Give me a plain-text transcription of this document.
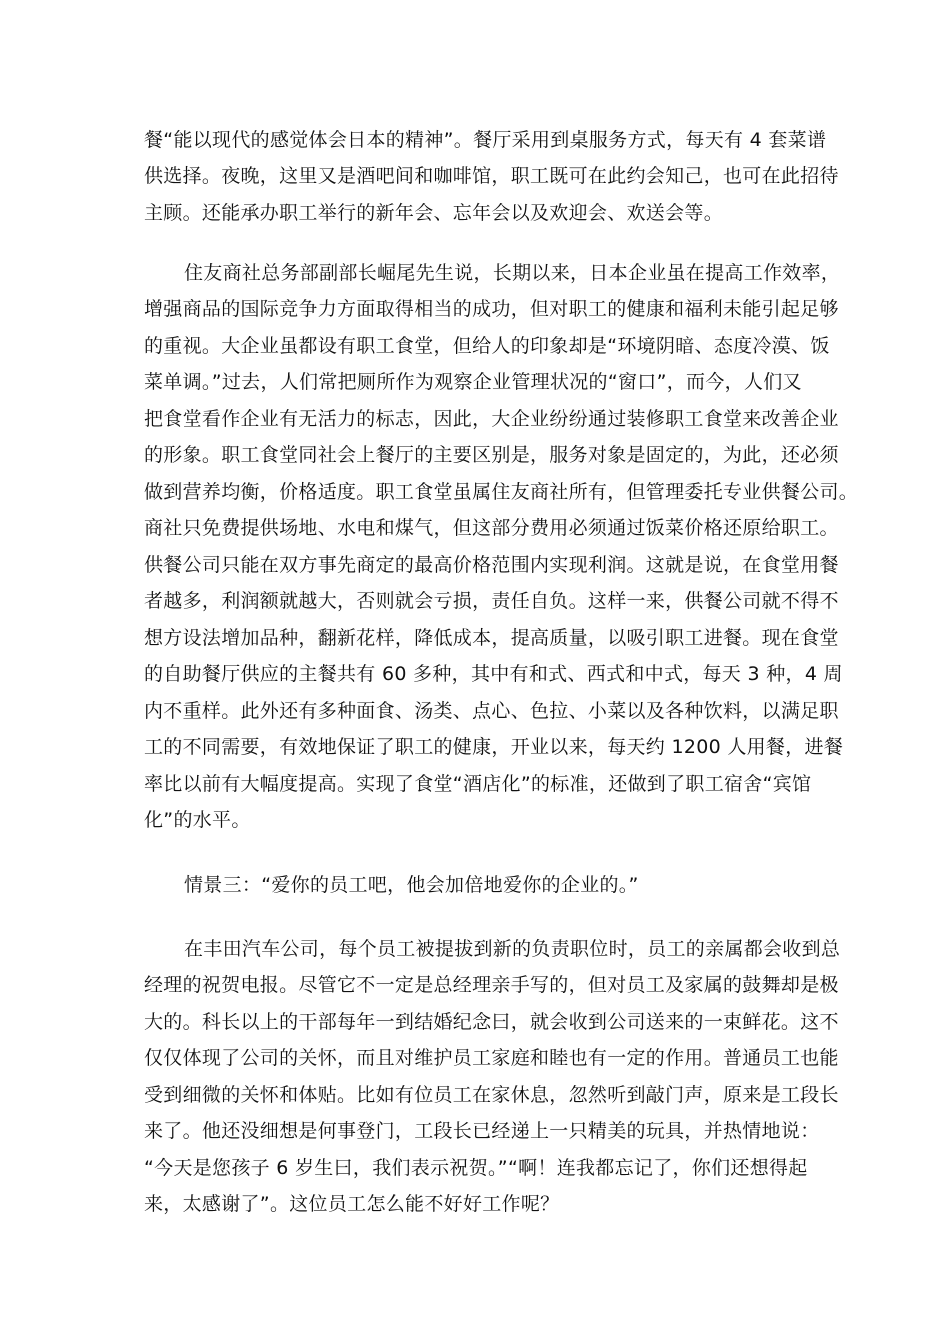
餐“能以现代的感觉体会日本的精神”。餐厅采用到桌服务方式，每天有 4 套菜谱
供选择。夜晚，这里又是酒吧间和咖啡馆，职工既可在此约会知己，也可在此招待
主顾。还能承办职工举行的新年会、忘年会以及欢迎会、欢送会等。
住友商社总务部副部长崛尾先生说，长期以来，日本企业虽在提高工作效率，
增强商品的国际竞争力方面取得相当的成功，但对职工的健康和福利未能引起足够
的重视。大企业虽都设有职工食堂，但给人的印象却是“环境阴暗、态度冷漠、饭
菜单调。”过去，人们常把厕所作为观察企业管理状况的“窗口”，而今，人们又
把食堂看作企业有无活力的标志，因此，大企业纷纷通过装修职工食堂来改善企业
的形象。职工食堂同社会上餐厅的主要区别是，服务对象是固定的，为此，还必须
做到营养均衡，价格适度。职工食堂虽属住友商社所有，但管理委托专业供餐公司。
商社只免费提供场地、水电和煤气，但这部分费用必须通过饭菜价格还原给职工。
供餐公司只能在双方事先商定的最高价格范围内实现利润。这就是说，在食堂用餐
者越多，利润额就越大，否则就会亏损，责任自负。这样一来，供餐公司就不得不
想方设法增加品种，翻新花样，降低成本，提高质量，以吸引职工进餐。现在食堂
的自助餐厅供应的主餐共有 60 多种，其中有和式、西式和中式，每天 3 种，4 周
内不重样。此外还有多种面食、汤类、点心、色拉、小菜以及各种饮料，以满足职
工的不同需要，有效地保证了职工的健康，开业以来，每天约 1200 人用餐，进餐
率比以前有大幅度提高。实现了食堂“酒店化”的标准，还做到了职工宿舍“宾馆
化”的水平。
情景三：“爱你的员工吧，他会加倍地爱你的企业的。”
在丰田汽车公司，每个员工被提拔到新的负责职位时，员工的亲属都会收到总
经理的祝贺电报。尽管它不一定是总经理亲手写的，但对员工及家属的鼓舞却是极
大的。科长以上的干部每年一到结婚纪念曰，就会收到公司送来的一束鲜花。这不
仅仅体现了公司的关怀，而且对维护员工家庭和睦也有一定的作用。普通员工也能
受到细微的关怀和体贴。比如有位员工在家休息，忽然听到敲门声，原来是工段长
来了。他还没细想是何事登门，工段长已经递上一只精美的玩具，并热情地说：
“今天是您孩子 6 岁生曰，我们表示祝贺。”“啊！连我都忘记了，你们还想得起
来，太感谢了”。这位员工怎么能不好好工作呢？
